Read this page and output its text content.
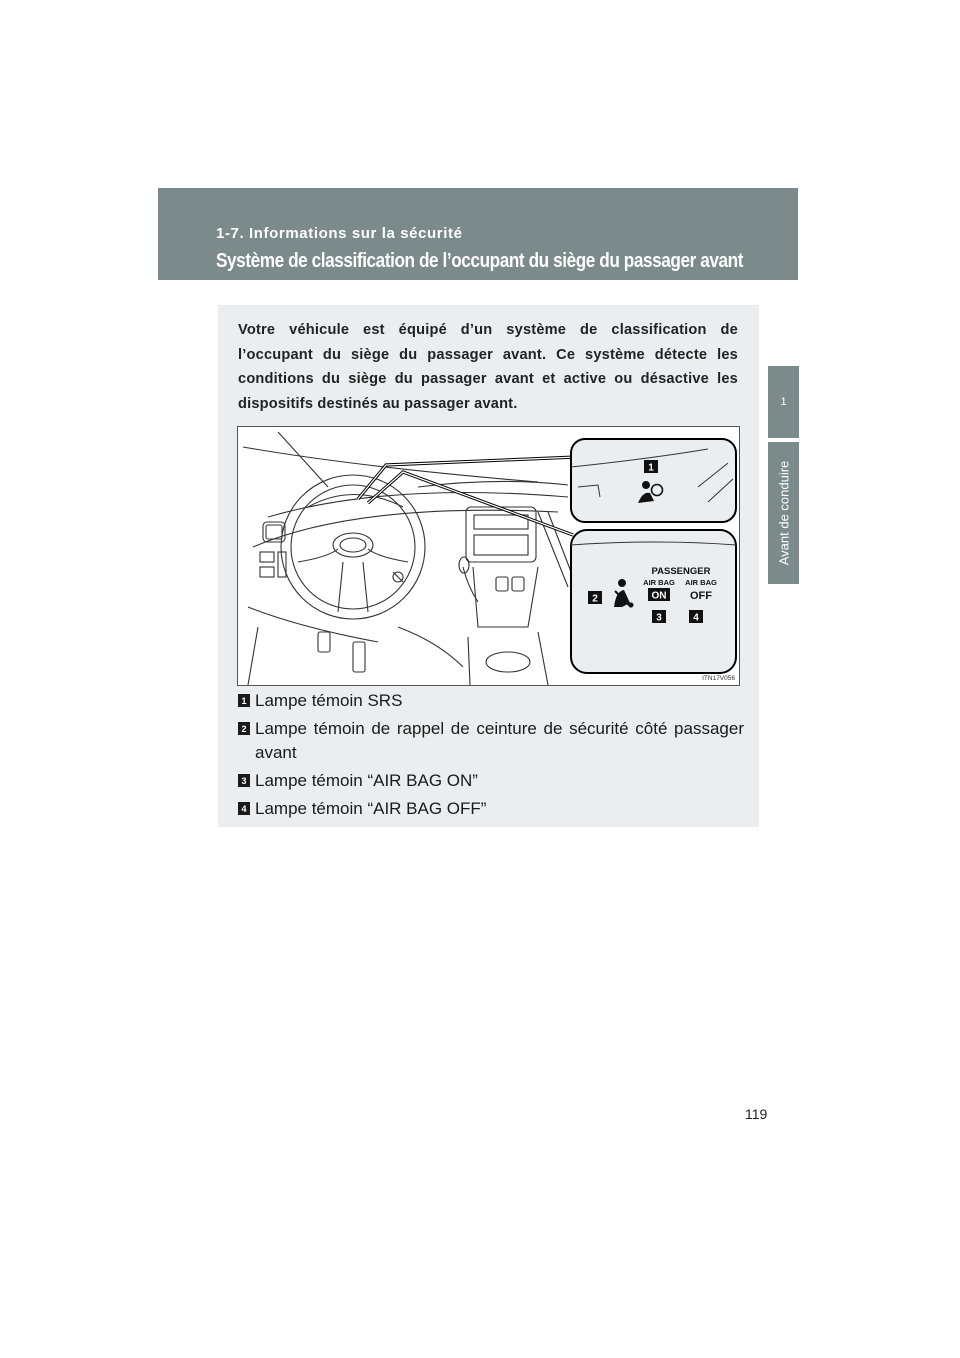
1-7. Informations sur la sécurité
Système de classification de l’occupant du siège du passager avant
1
Avant de conduire

Votre véhicule est équipé d’un système de classification de l’occupant du siège du passager avant. Ce système détecte les conditions du siège du passager avant et active ou désactive les dispositifs destinés au passager avant.

1
2
PASSENGER
AIR BAG AIR BAG
ON OFF
3	4
ITN17V056
1 Lampe témoin SRS
2 Lampe témoin de rappel de ceinture de sécurité côté passager avant
3 Lampe témoin “AIR BAG ON”
4 Lampe témoin “AIR BAG OFF”
119
